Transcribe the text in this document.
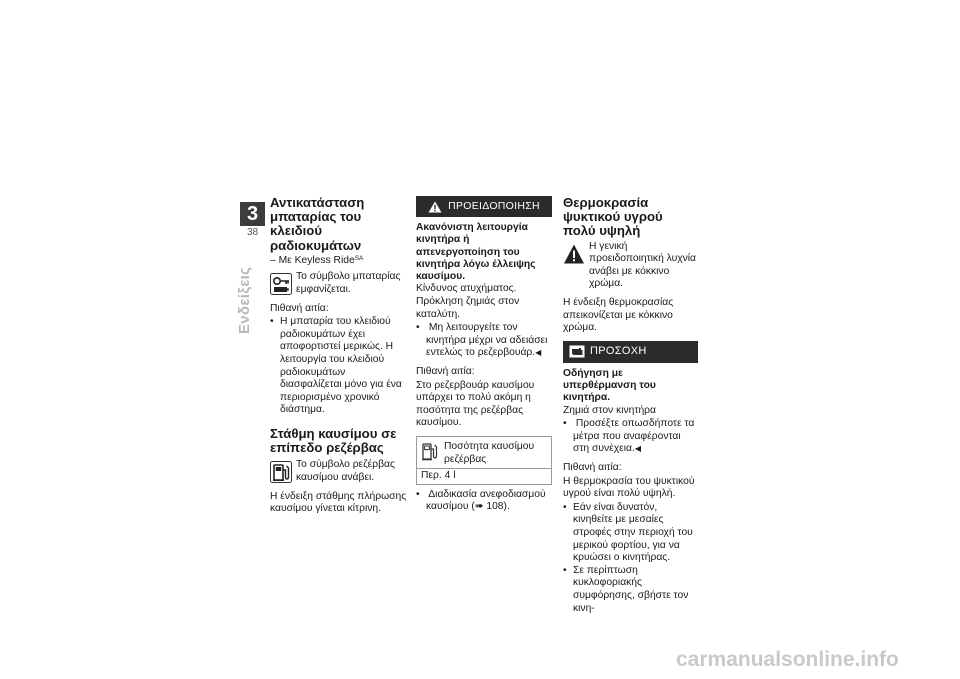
3
38
Ενδείξεις
Αντικατάσταση μπαταρίας του κλειδιού ραδιοκυμάτων
– Με Keyless Ride$^{SA}$
Το σύμβολο μπαταρίας εμφανίζεται.

Πιθανή αιτία:

• Η μπαταρία του κλειδιού ραδιοκυμάτων έχει αποφορτιστεί μερικώς. Η λειτουργία του κλειδιού ραδιοκυμάτων διασφαλίζεται μόνο για ένα περιορισμένο χρονικό διάστημα.

Στάθμη καυσίμου σε επίπεδο ρεζέρβας
Το σύμβολο ρεζέρβας καυσίμου ανάβει.

Η ένδειξη στάθμης πλήρωσης καυσίμου γίνεται κίτρινη.

ΠΡΟΕΙΔΟΠΟΙΗΣΗ
Ακανόνιστη λειτουργία κινητήρα ή απενεργοποίηση του κινητήρα λόγω έλλειψης καυσίμου.

Κίνδυνος ατυχήματος. Πρόκληση ζημιάς στον καταλύτη.

• Μη λειτουργείτε τον κινητήρα μέχρι να αδειάσει εντελώς το ρεζερβουάρ.◀

Πιθανή αιτία:

Στο ρεζερβουάρ καυσίμου υπάρχει το πολύ ακόμη η ποσότητα της ρεζέρβας καυσίμου.

Ποσότητα καυσίμου ρεζέρβας
Περ. 4 l

• Διαδικασία ανεφοδιασμού καυσίμου (➠ 108).

Θερμοκρασία ψυκτικού υγρού πολύ υψηλή
Η γενική προειδοποιητική λυχνία ανάβει με κόκκινο χρώμα.

Η ένδειξη θερμοκρασίας απεικονίζεται με κόκκινο χρώμα.

ΠΡΟΣΟΧΗ
Οδήγηση με υπερθέρμανση του κινητήρα.

Ζημιά στον κινητήρα

• Προσέξτε οπωσδήποτε τα μέτρα που αναφέρονται στη συνέχεια.◀

Πιθανή αιτία:

Η θερμοκρασία του ψυκτικού υγρού είναι πολύ υψηλή.

• Εάν είναι δυνατόν, κινηθείτε με μεσαίες στροφές στην περιοχή του μερικού φορτίου, για να κρυώσει ο κινητήρας.

• Σε περίπτωση κυκλοφοριακής συμφόρησης, σβήστε τον κινη-

carmanualsonline.info
